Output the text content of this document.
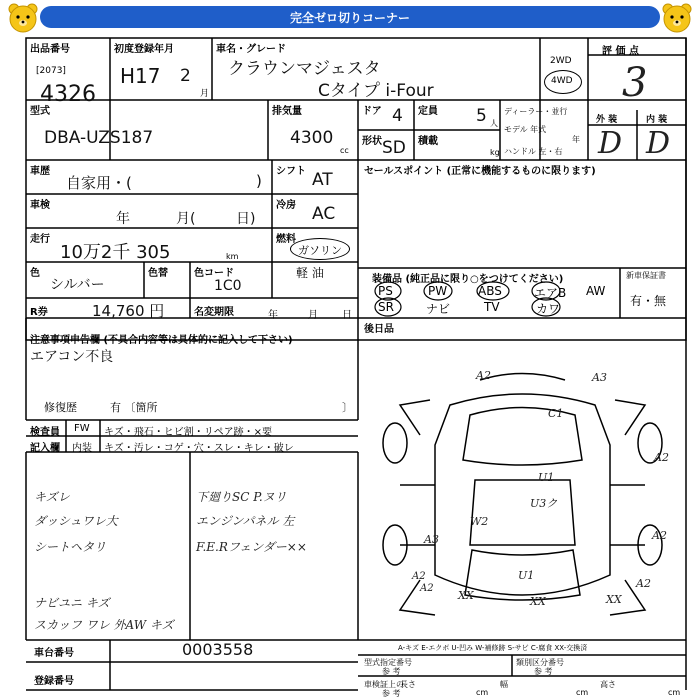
完全ゼロ切りコーナー
出品番号
[2073]
4326
初度登録年月
H17 2
月
車名・グレード
クラウンマジェスタ
Cタイプ i-Four
2WD
4WD
評 価 点
3
型式
DBA-UZS187
排気量
4300
cc
ドア 4 定員 5 人
形状 SD 積載
kg
ディーラー・並行
モデル 年式
年
ハンドル 左・右
外 装	内 装
D D
車歴
自家用・(	)
シフト AT
車検
年	月(	日)
冷房 AC
走行
10万2千 305	km
燃料
ガソリン
軽 油
色
シルバー
色替	色コード
1C0
セールスポイント (正常に機能するものに限ります)
R券	14,760 円	名変期限	年	月 日
装備品 (純正品に限り○をつけてください)
PS	PW	ABS	エアB AW
SR	ナビ	TV	カワ
新車保証書
有・無
後日品
注意事項申告欄 (不具合内容等は具体的に記入して下さい)
エアコン不良
修復歴	有 〔箇所	〕
検査員
記入欄
FW
内装
キズ・飛石・ヒビ割・リペア跡・×要
キズ・汚レ・コゲ・穴・スレ・キレ・破レ
キズレ
ダッシュワレ大
シートヘタリ
ナビユニ キズ
スカッフ ワレ 外AW キズ
下廻りSC P.ヌリ
エンジンパネル 左
F.E.Rフェンダー××
A2	A3
C1
U1
U3ク
W2
A3
A2
A2
U1
XX	XX	XX
A2
A2
A2
A-キズ E-エクボ U-凹み W-補修跡 S-サビ C-腐食 XX-交換済
車台番号	0003558
登録番号
型式指定番号
参 考
類別区分番号
参 考
車検証上の
長さ
cm
幅
cm
高さ
cm
参 考
